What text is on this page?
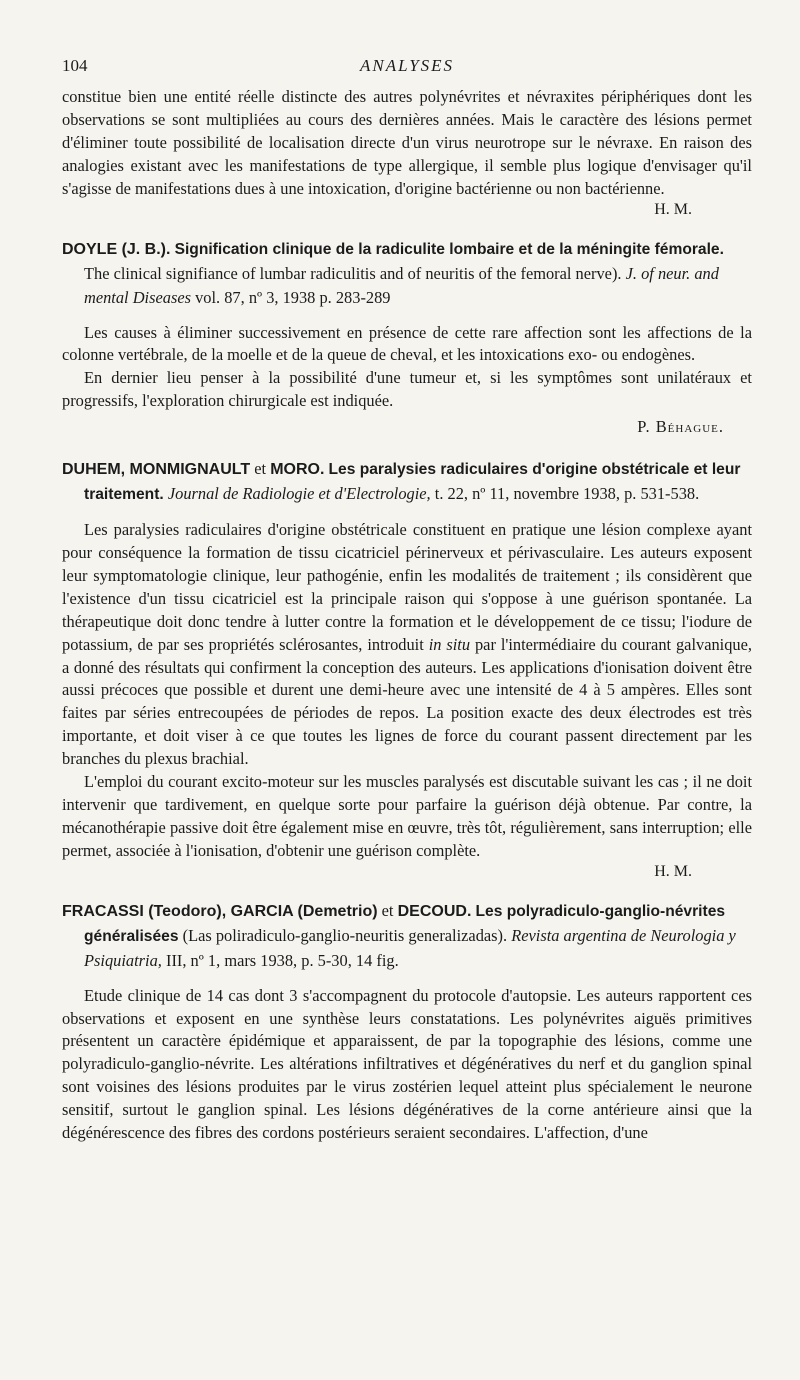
104	ANALYSES

constitue bien une entité réelle distincte des autres polynévrites et névraxites périphériques dont les observations se sont multipliées au cours des dernières années. Mais le caractère des lésions permet d'éliminer toute possibilité de localisation directe d'un virus neurotrope sur le névraxe. En raison des analogies existant avec les manifestations de type allergique, il semble plus logique d'envisager qu'il s'agisse de manifestations dues à une intoxication, d'origine bactérienne ou non bactérienne.

H. M.

DOYLE (J. B.). Signification clinique de la radiculite lombaire et de la méningite fémorale. The clinical signifiance of lumbar radiculitis and of neuritis of the femoral nerve). J. of neur. and mental Diseases vol. 87, nº 3, 1938 p. 283-289

Les causes à éliminer successivement en présence de cette rare affection sont les affections de la colonne vertébrale, de la moelle et de la queue de cheval, et les intoxications exo- ou endogènes.

En dernier lieu penser à la possibilité d'une tumeur et, si les symptômes sont unilatéraux et progressifs, l'exploration chirurgicale est indiquée.

P. Béhague.

DUHEM, MONMIGNAULT et MORO. Les paralysies radiculaires d'origine obstétricale et leur traitement. Journal de Radiologie et d'Electrologie, t. 22, nº 11, novembre 1938, p. 531-538.

Les paralysies radiculaires d'origine obstétricale constituent en pratique une lésion complexe ayant pour conséquence la formation de tissu cicatriciel périnerveux et périvasculaire. Les auteurs exposent leur symptomatologie clinique, leur pathogénie, enfin les modalités de traitement ; ils considèrent que l'existence d'un tissu cicatriciel est la principale raison qui s'oppose à une guérison spontanée. La thérapeutique doit donc tendre à lutter contre la formation et le développement de ce tissu; l'iodure de potassium, de par ses propriétés sclérosantes, introduit in situ par l'intermédiaire du courant galvanique, a donné des résultats qui confirment la conception des auteurs. Les applications d'ionisation doivent être aussi précoces que possible et durent une demi-heure avec une intensité de 4 à 5 ampères. Elles sont faites par séries entrecoupées de périodes de repos. La position exacte des deux électrodes est très importante, et doit viser à ce que toutes les lignes de force du courant passent directement par les branches du plexus brachial.

L'emploi du courant excito-moteur sur les muscles paralysés est discutable suivant les cas ; il ne doit intervenir que tardivement, en quelque sorte pour parfaire la guérison déjà obtenue. Par contre, la mécanothérapie passive doit être également mise en œuvre, très tôt, régulièrement, sans interruption; elle permet, associée à l'ionisation, d'obtenir une guérison complète.

H. M.

FRACASSI (Teodoro), GARCIA (Demetrio) et DECOUD. Les polyradiculo-ganglio-névrites généralisées (Las poliradiculo-ganglio-neuritis generalizadas). Revista argentina de Neurologia y Psiquiatria, III, nº 1, mars 1938, p. 5-30, 14 fig.

Etude clinique de 14 cas dont 3 s'accompagnent du protocole d'autopsie. Les auteurs rapportent ces observations et exposent en une synthèse leurs constatations. Les polynévrites aiguës primitives présentent un caractère épidémique et apparaissent, de par la topographie des lésions, comme une polyradiculo-ganglio-névrite. Les altérations infiltratives et dégénératives du nerf et du ganglion spinal sont voisines des lésions produites par le virus zostérien lequel atteint plus spécialement le neurone sensitif, surtout le ganglion spinal. Les lésions dégénératives de la corne antérieure ainsi que la dégénérescence des fibres des cordons postérieurs seraient secondaires. L'affection, d'une
